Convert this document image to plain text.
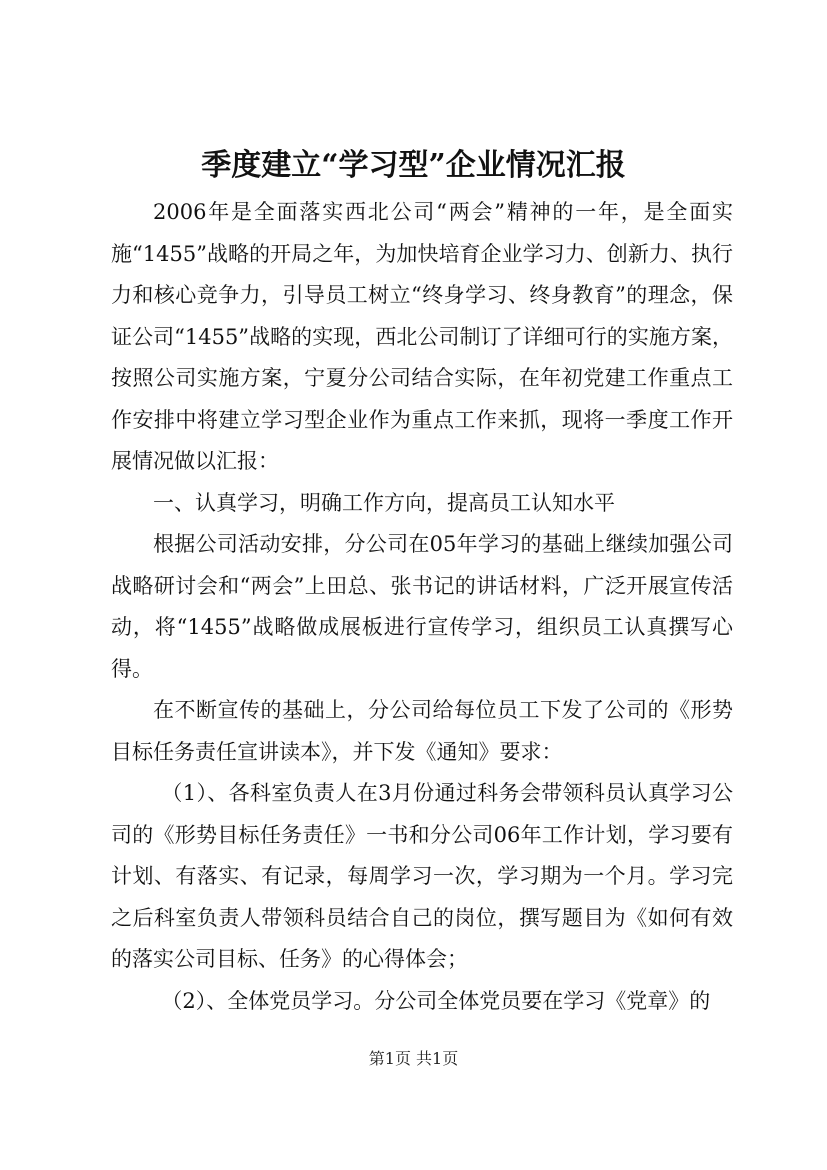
季度建立“学习型”企业情况汇报

2006年是全面落实西北公司“两会”精神的一年，是全面实施“1455”战略的开局之年，为加快培育企业学习力、创新力、执行力和核心竞争力，引导员工树立“终身学习、终身教育”的理念，保证公司“1455”战略的实现，西北公司制订了详细可行的实施方案，按照公司实施方案，宁夏分公司结合实际，在年初党建工作重点工作安排中将建立学习型企业作为重点工作来抓，现将一季度工作开展情况做以汇报：

一、认真学习，明确工作方向，提高员工认知水平

根据公司活动安排，分公司在05年学习的基础上继续加强公司战略研讨会和“两会”上田总、张书记的讲话材料，广泛开展宣传活动，将“1455”战略做成展板进行宣传学习，组织员工认真撰写心得。

在不断宣传的基础上，分公司给每位员工下发了公司的《形势目标任务责任宣讲读本》，并下发《通知》要求：

（1）、各科室负责人在3月份通过科务会带领科员认真学习公司的《形势目标任务责任》一书和分公司06年工作计划，学习要有计划、有落实、有记录，每周学习一次，学习期为一个月。学习完之后科室负责人带领科员结合自己的岗位，撰写题目为《如何有效的落实公司目标、任务》的心得体会；

（2）、全体党员学习。分公司全体党员要在学习《党章》的

第1页 共1页
